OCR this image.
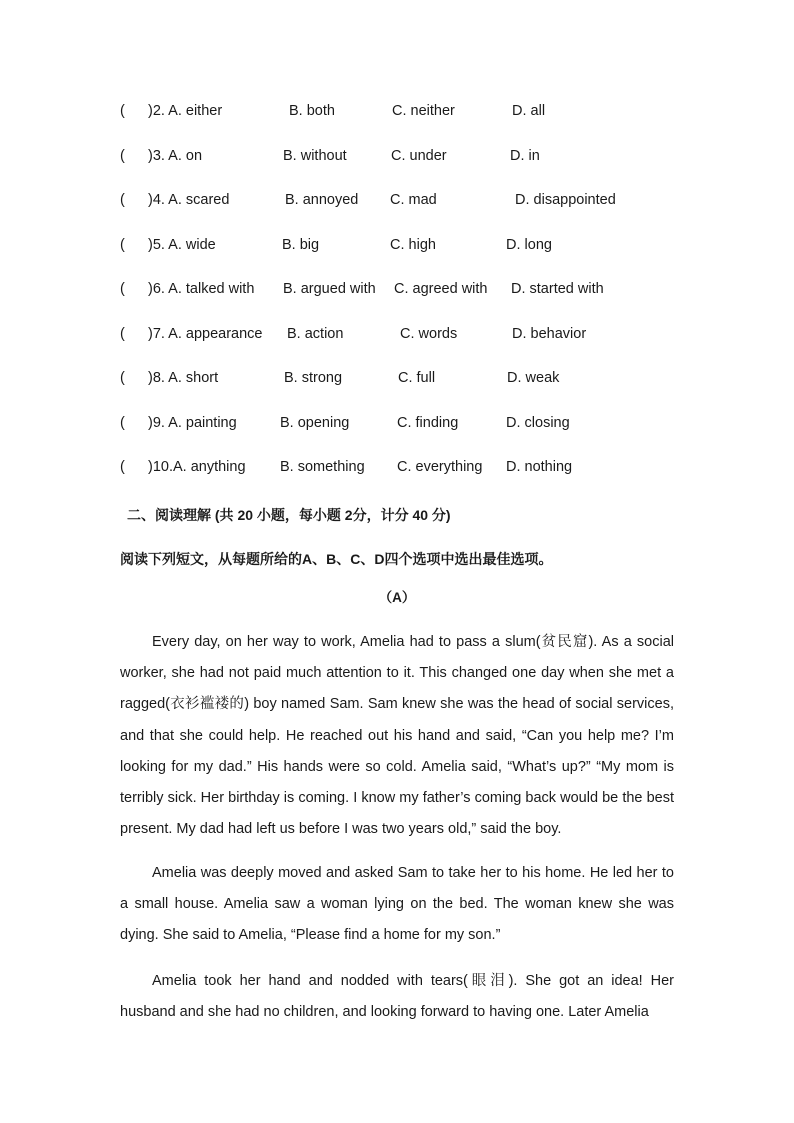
( )2. A. either	B. both	C. neither	D. all
( )3. A. on	B. without	C. under	D. in
( )4. A. scared	B. annoyed C. mad	D. disappointed
( )5. A. wide	B. big	C. high	D. long
( )6. A. talked with B. argued with C. agreed with D. started with
( )7. A. appearance B. action	C. words	D. behavior
( )8. A. short	B. strong	C. full	D. weak
( )9. A. painting	B. opening	C. finding	D. closing
( )10.A. anything B. something C. everything D. nothing
二、阅读理解 (共 20 小题，每小题 2分，计分 40 分)
阅读下列短文，从每题所给的A、B、C、D四个选项中选出最佳选项。
（A）

Every day, on her way to work, Amelia had to pass a slum(贫民窟). As a social worker, she had not paid much attention to it. This changed one day when she met a ragged(衣衫褴褛的) boy named Sam. Sam knew she was the head of social services, and that she could help. He reached out his hand and said, “Can you help me? I’m looking for my dad.” His hands were so cold. Amelia said, “What’s up?” “My mom is terribly sick. Her birthday is coming. I know my father’s coming back would be the best present. My dad had left us before I was two years old,” said the boy.

Amelia was deeply moved and asked Sam to take her to his home. He led her to a small house. Amelia saw a woman lying on the bed. The woman knew she was dying. She said to Amelia, “Please find a home for my son.”

Amelia took her hand and nodded with tears(眼泪). She got an idea! Her husband and she had no children, and looking forward to having one. Later Amelia
